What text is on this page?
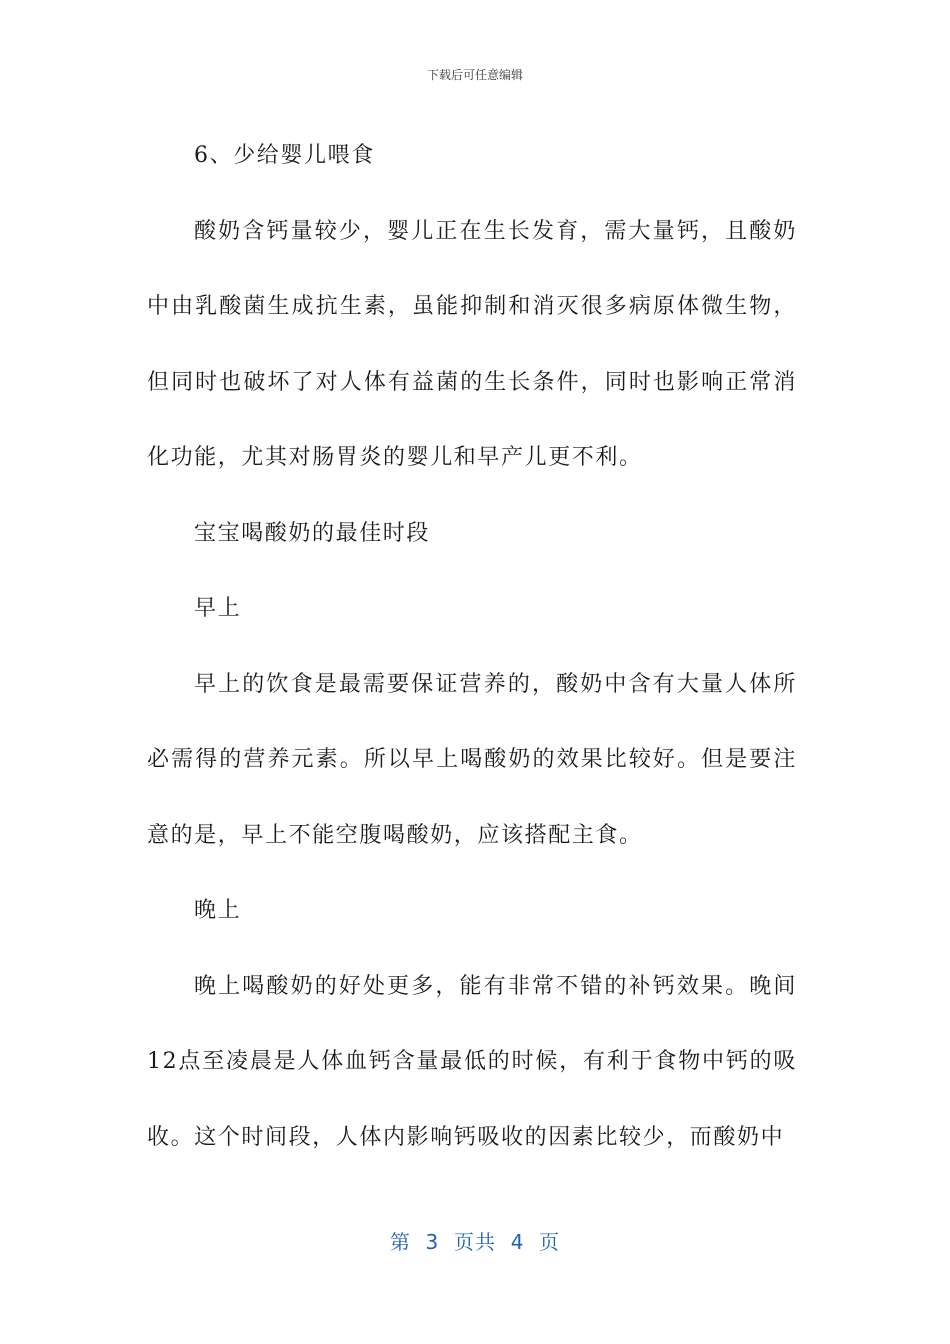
下载后可任意编辑

6、少给婴儿喂食

酸奶含钙量较少，婴儿正在生长发育，需大量钙，且酸奶中由乳酸菌生成抗生素，虽能抑制和消灭很多病原体微生物，但同时也破坏了对人体有益菌的生长条件，同时也影响正常消化功能，尤其对肠胃炎的婴儿和早产儿更不利。

宝宝喝酸奶的最佳时段

早上

早上的饮食是最需要保证营养的，酸奶中含有大量人体所必需得的营养元素。所以早上喝酸奶的效果比较好。但是要注意的是，早上不能空腹喝酸奶，应该搭配主食。

晚上

晚上喝酸奶的好处更多，能有非常不错的补钙效果。晚间12点至凌晨是人体血钙含量最低的时候，有利于食物中钙的吸收。这个时间段，人体内影响钙吸收的因素比较少，而酸奶中

第  3  页共  4  页
